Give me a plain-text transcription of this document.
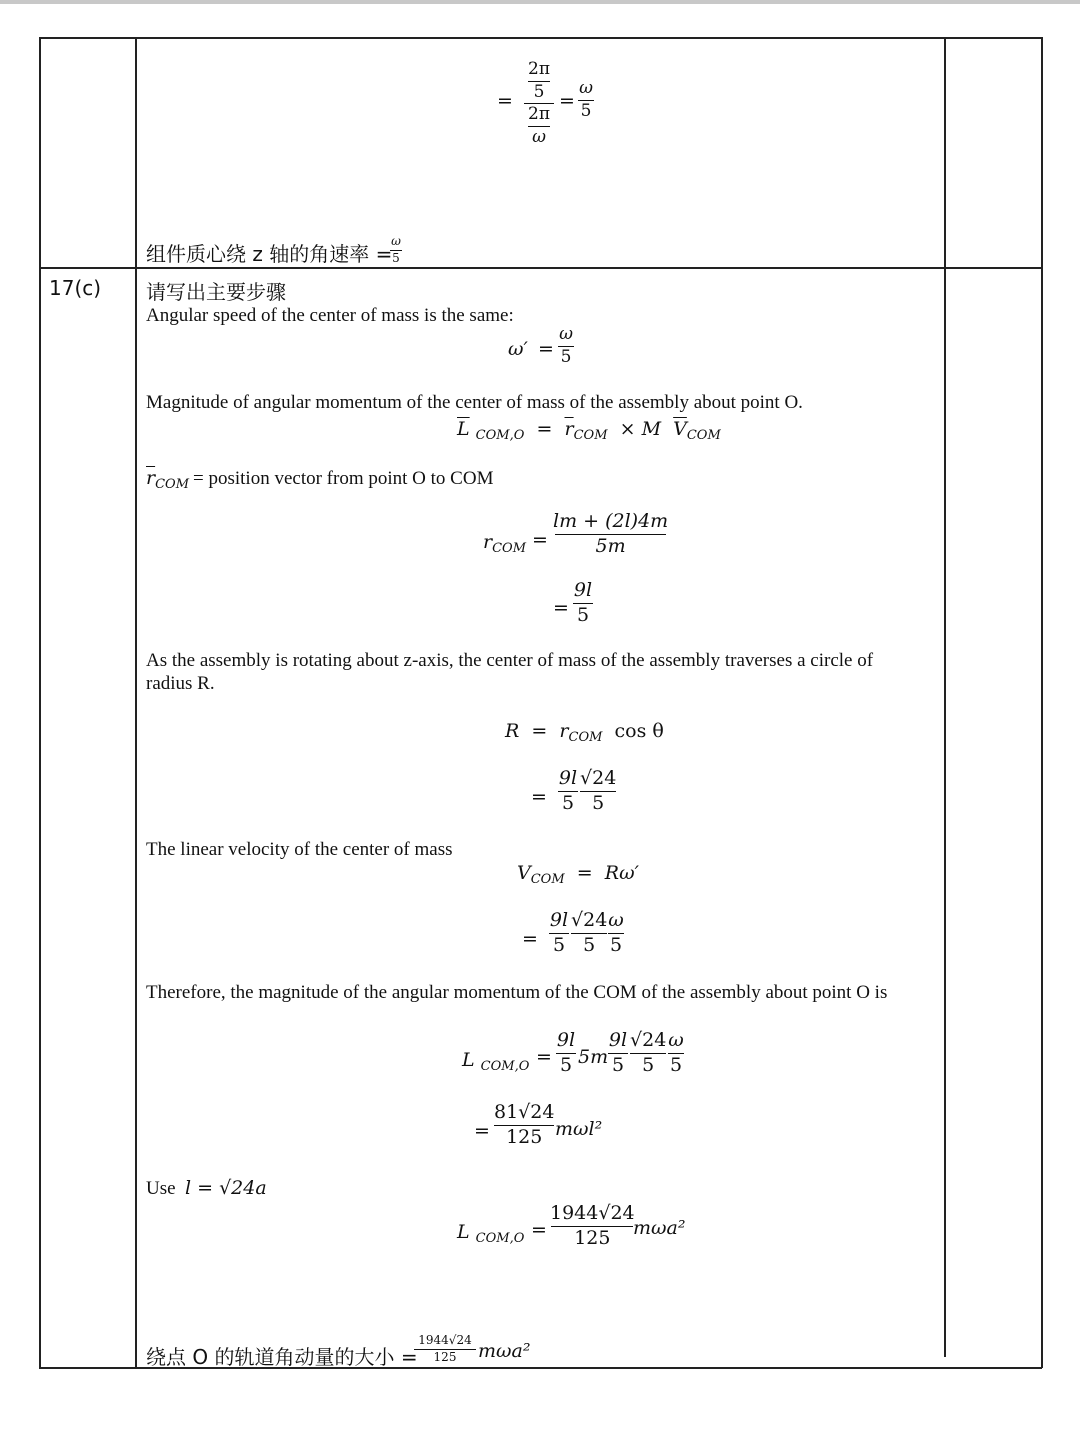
= $\frac{2\pi}{5}$
$\frac{2\pi}{\omega}$
=
ω
5
组件质心绕 z 轴的角速率 =
ω
5
17(c) 请写出主要步骤
Angular speed of the center of mass is the same:
ω′ =
ω
5
Magnitude of angular momentum of the center of mass of the assembly about point O.
$\overline{L}$ $_{COM,O} = \overline{r}_{COM} \times M$ $\overline{V}_{COM}$
$\overline{r}_{COM}$ = position vector from point O to COM
$r_{COM}$ =
lm + (2l)4m
5m
=
9l
5
As the assembly is rotating about z-axis, the center of mass of the assembly traverses a circle of
radius R.
$R = r_{COM}$ cos θ
=
9l
5
√24
5
The linear velocity of the center of mass
$V_{COM} = R\omega'$
=
9l
5
√24
5
ω
5
Therefore, the magnitude of the angular momentum of the COM of the assembly about point O is
L $_{COM,O}$ =
9l
5 5m
9l
5
√24
5
ω
5
=
81√24
125 mωl²
Use l = √24a
L $_{COM,O}$ =
1944√24
125 mωa²
绕点 O 的轨道角动量的大小 =
1944√24
125 mωa²
